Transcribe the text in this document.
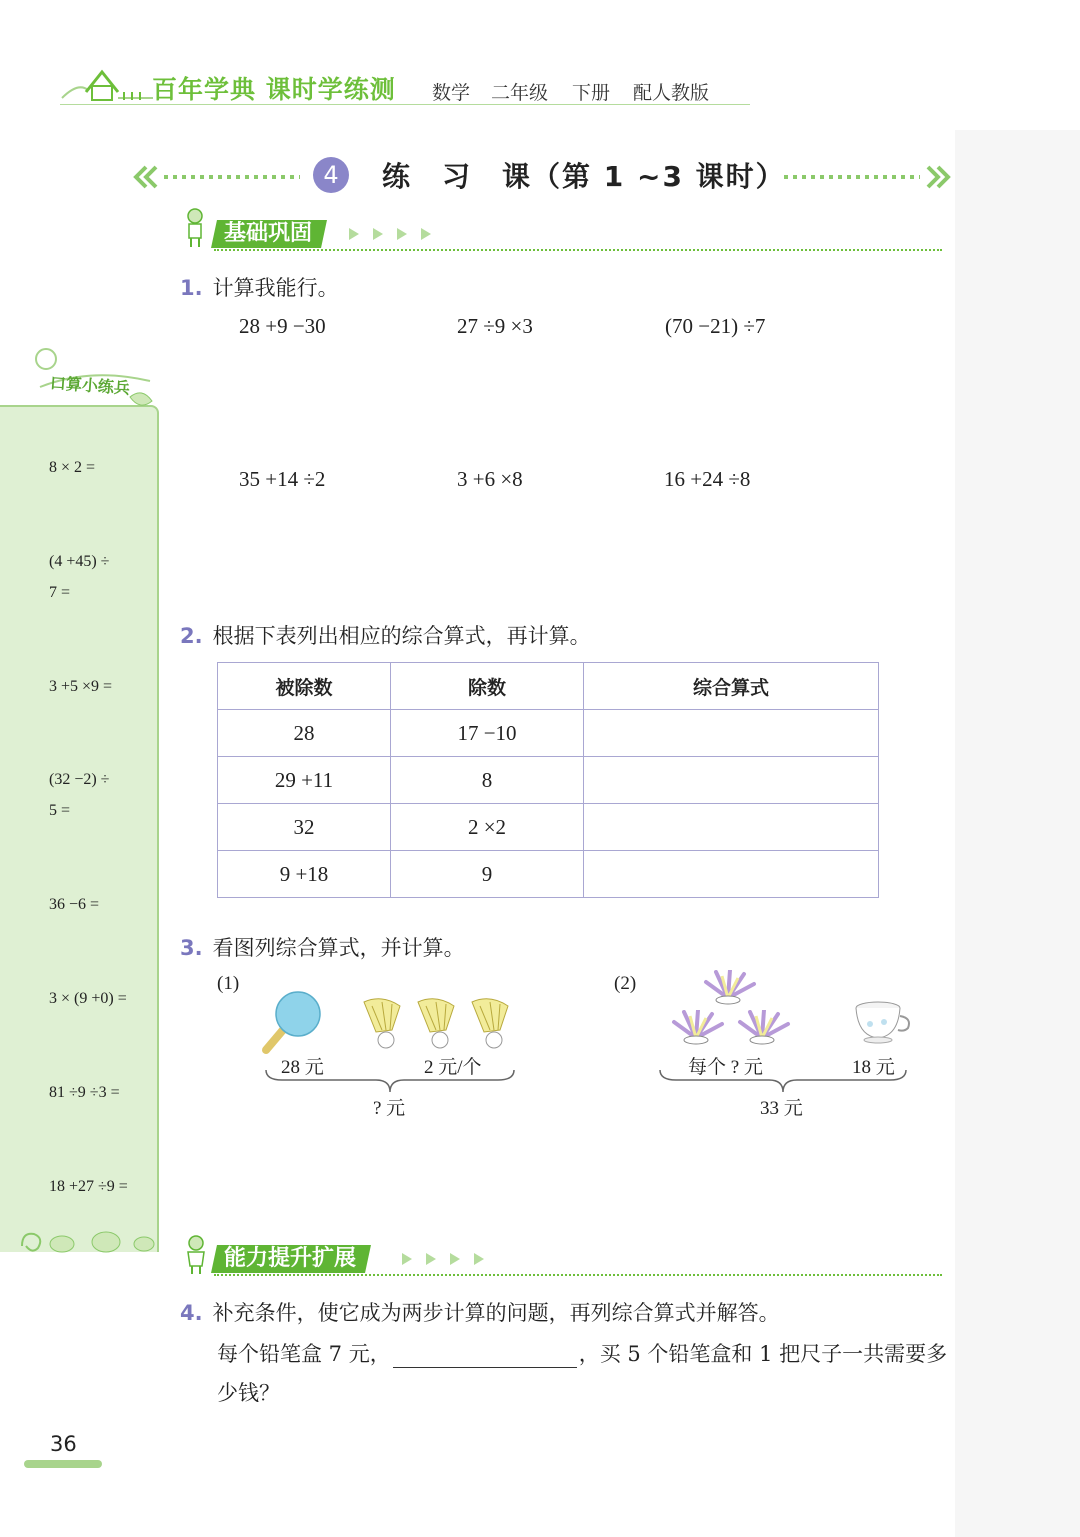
百年学典 课时学练测 数学 二年级 下册 配人教版
4	练　习　课（第 1 ~3 课时）
基础巩固
口算小练兵
8 × 2 =
(4 +45) ÷
7 =
3 +5 ×9 =
(32 −2) ÷
5 =
36 −6 =
3 × (9 +0) =
81 ÷9 ÷3 =
18 +27 ÷9 =
1. 计算我能行。
28 +9 −30	27 ÷9 ×3	(70 −21) ÷7
35 +14 ÷2	3 +6 ×8	16 +24 ÷8
2. 根据下表列出相应的综合算式，再计算。
被除数	除数	综合算式
28	17 −10	
29 +11	8	
32	2 ×2	
9 +18	9	
3. 看图列综合算式，并计算。
(1)
28 元	2 元/个
? 元
(2)
每个 ? 元	18 元
33 元
能力提升扩展
4. 补充条件，使它成为两步计算的问题，再列综合算式并解答。
每个铅笔盒 7 元，	，买 5 个铅笔盒和 1 把尺子一共需要多
少钱？
36
